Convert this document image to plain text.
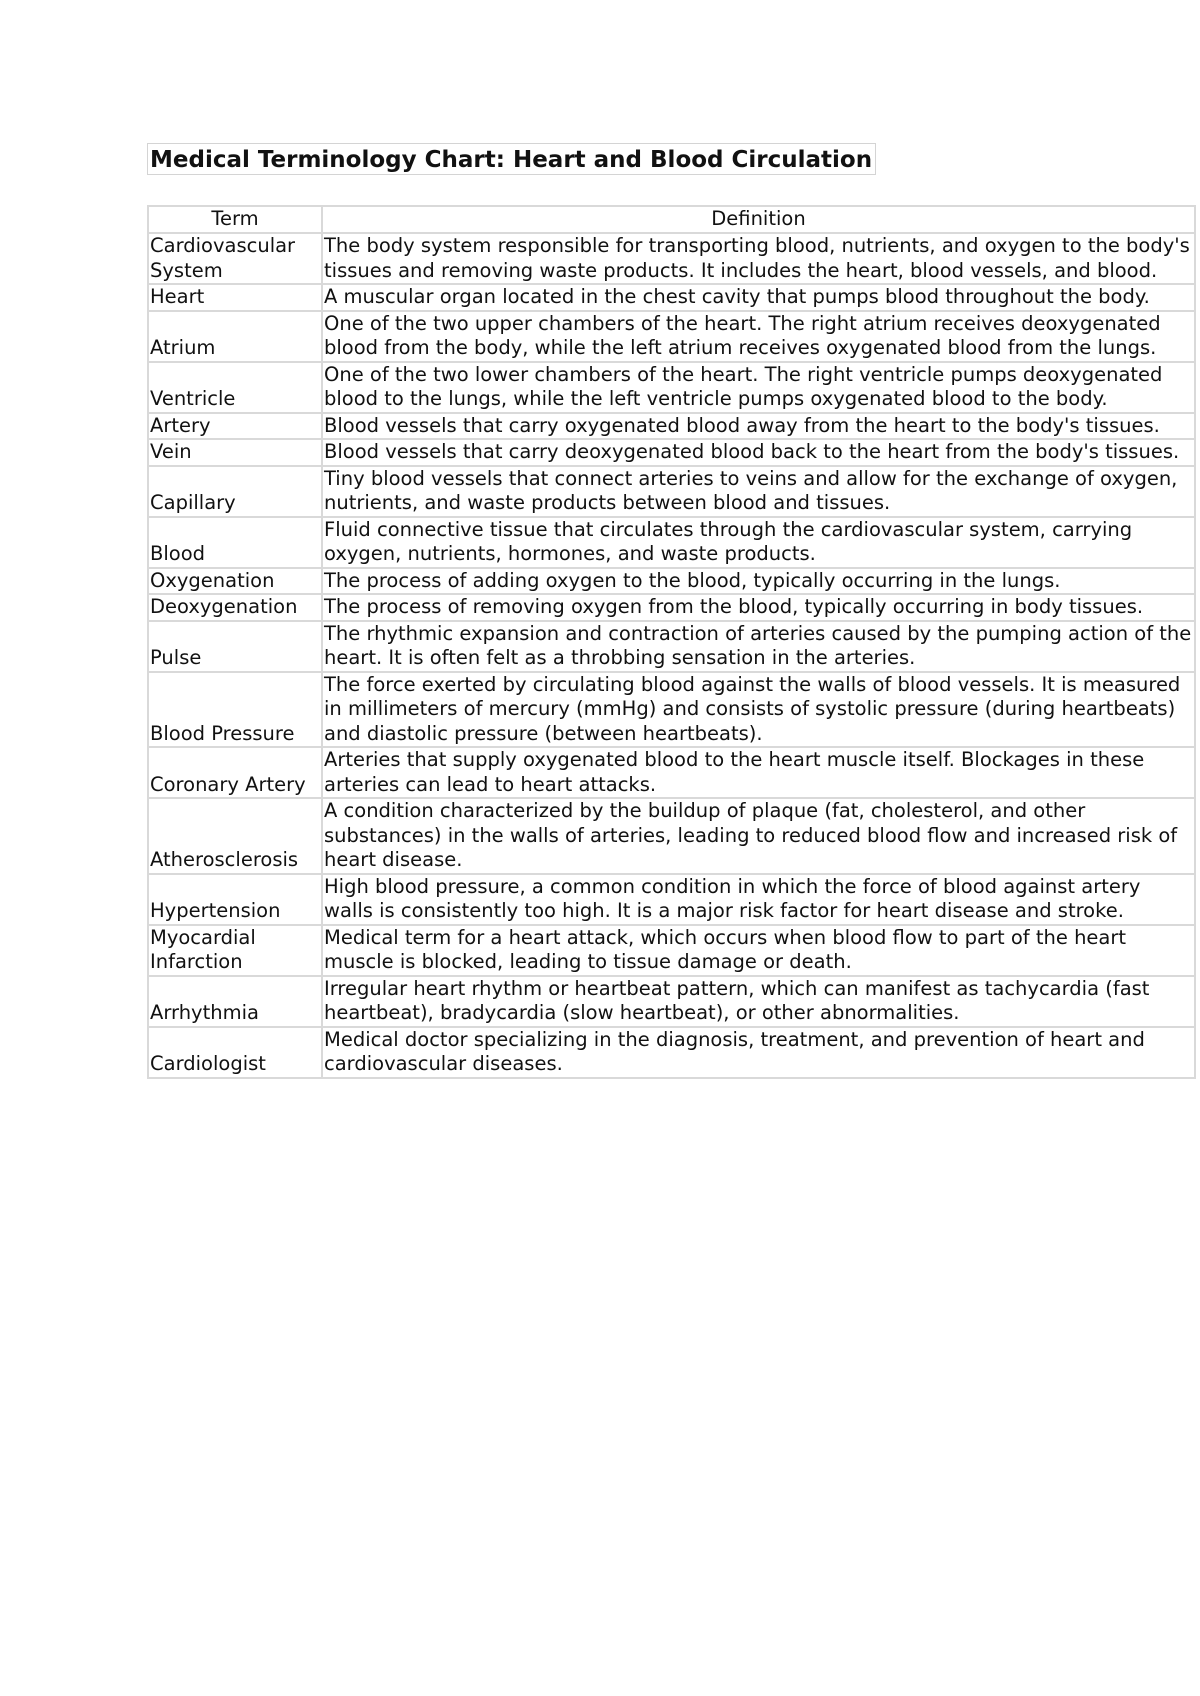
Medical Terminology Chart: Heart and Blood Circulation
Term	Definition
Cardiovascular System	The body system responsible for transporting blood, nutrients, and oxygen to the body's tissues and removing waste products. It includes the heart, blood vessels, and blood.
Heart	A muscular organ located in the chest cavity that pumps blood throughout the body.
Atrium	One of the two upper chambers of the heart. The right atrium receives deoxygenated blood from the body, while the left atrium receives oxygenated blood from the lungs.
Ventricle	One of the two lower chambers of the heart. The right ventricle pumps deoxygenated blood to the lungs, while the left ventricle pumps oxygenated blood to the body.
Artery	Blood vessels that carry oxygenated blood away from the heart to the body's tissues.
Vein	Blood vessels that carry deoxygenated blood back to the heart from the body's tissues.
Capillary	Tiny blood vessels that connect arteries to veins and allow for the exchange of oxygen, nutrients, and waste products between blood and tissues.
Blood	Fluid connective tissue that circulates through the cardiovascular system, carrying oxygen, nutrients, hormones, and waste products.
Oxygenation	The process of adding oxygen to the blood, typically occurring in the lungs.
Deoxygenation	The process of removing oxygen from the blood, typically occurring in body tissues.
Pulse	The rhythmic expansion and contraction of arteries caused by the pumping action of the heart. It is often felt as a throbbing sensation in the arteries.
Blood Pressure	The force exerted by circulating blood against the walls of blood vessels. It is measured in millimeters of mercury (mmHg) and consists of systolic pressure (during heartbeats) and diastolic pressure (between heartbeats).
Coronary Artery	Arteries that supply oxygenated blood to the heart muscle itself. Blockages in these arteries can lead to heart attacks.
Atherosclerosis	A condition characterized by the buildup of plaque (fat, cholesterol, and other substances) in the walls of arteries, leading to reduced blood flow and increased risk of heart disease.
Hypertension	High blood pressure, a common condition in which the force of blood against artery walls is consistently too high. It is a major risk factor for heart disease and stroke.
Myocardial Infarction	Medical term for a heart attack, which occurs when blood flow to part of the heart muscle is blocked, leading to tissue damage or death.
Arrhythmia	Irregular heart rhythm or heartbeat pattern, which can manifest as tachycardia (fast heartbeat), bradycardia (slow heartbeat), or other abnormalities.
Cardiologist	Medical doctor specializing in the diagnosis, treatment, and prevention of heart and cardiovascular diseases.
